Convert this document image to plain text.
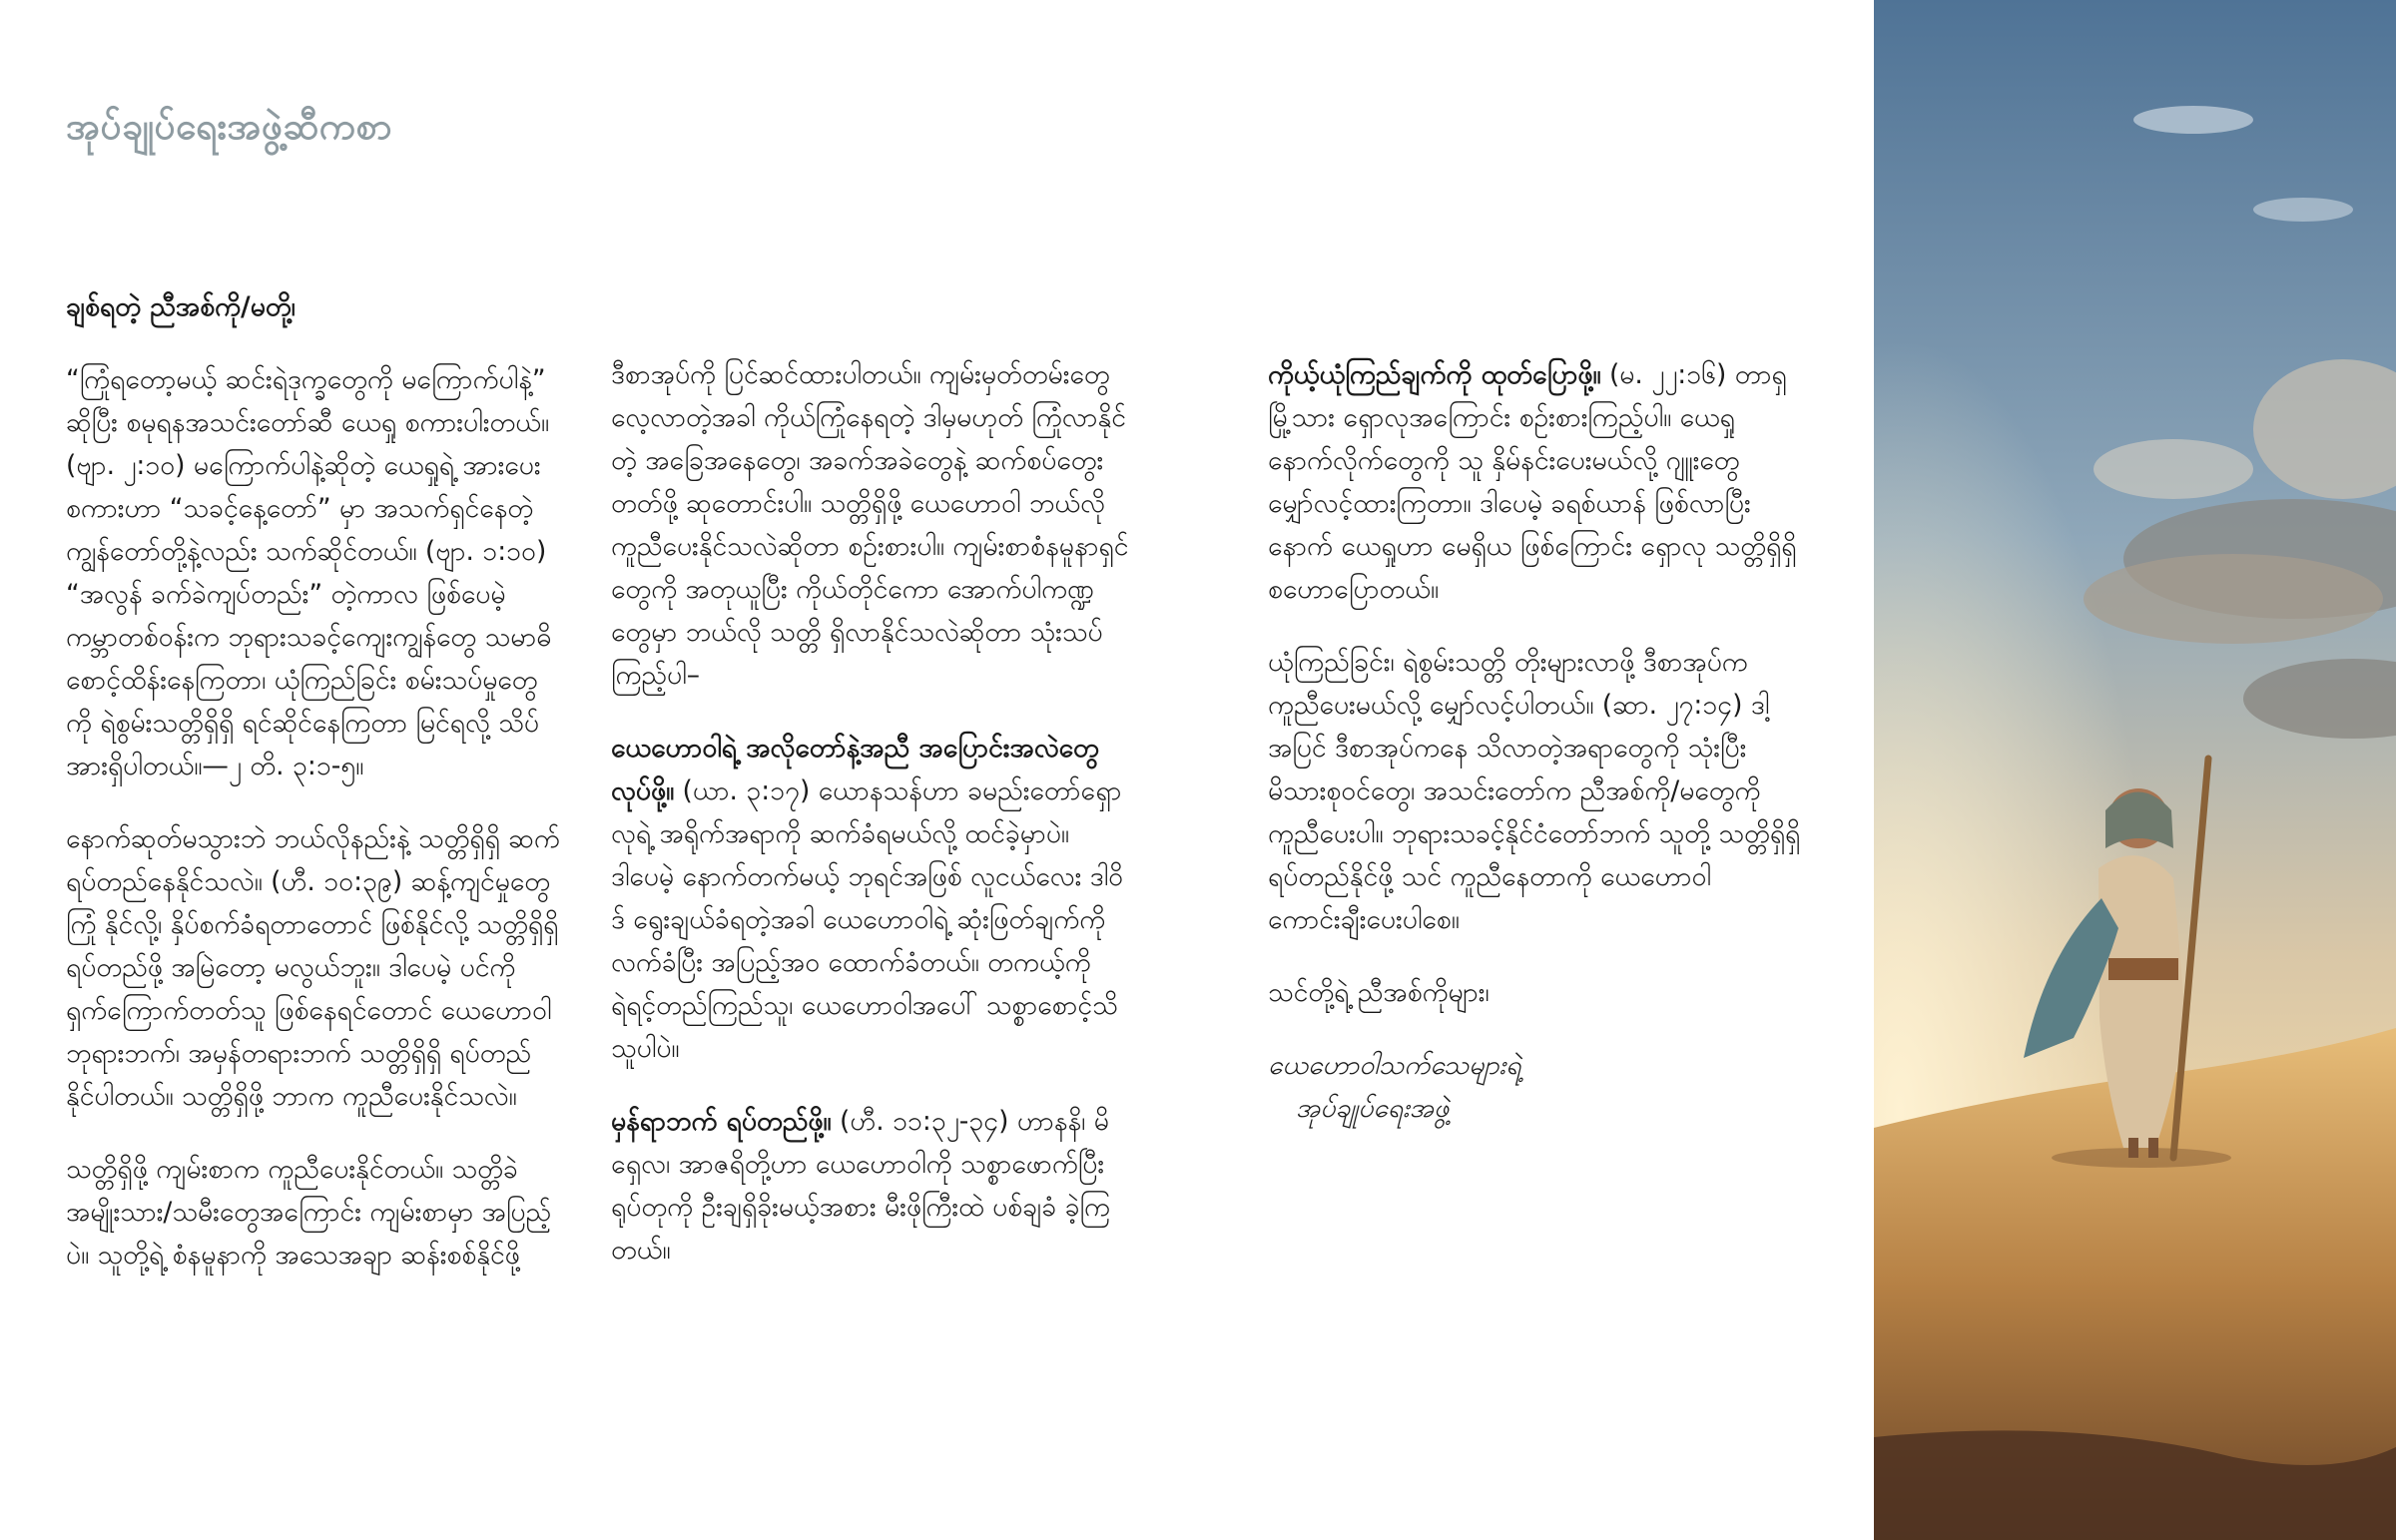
အုပ်ချုပ်ရေးအဖွဲ့ဆီကစာ

ချစ်ရတဲ့ ညီအစ်ကို/မတို့၊

“ကြုံရတော့မယ့် ဆင်းရဲဒုက္ခတွေကို မကြောက်ပါနဲ့” ဆိုပြီး စမုရနအသင်းတော်ဆီ ယေရှု စကားပါးတယ်။ (ဗျာ. ၂:၁၀) မကြောက်ပါနဲ့ဆိုတဲ့ ယေရှုရဲ့ အားပေး စကားဟာ “သခင့်နေ့တော်” မှာ အသက်ရှင်နေတဲ့ ကျွန်တော်တို့နဲ့လည်း သက်ဆိုင်တယ်။ (ဗျာ. ၁:၁၀) “အလွန် ခက်ခဲကျပ်တည်း” တဲ့ကာလ ဖြစ်ပေမဲ့ ကမ္ဘာတစ်ဝန်းက ဘုရားသခင့်ကျေးကျွန်တွေ သမာဓိ စောင့်ထိန်းနေကြတာ၊ ယုံကြည်ခြင်း စမ်းသပ်မှုတွေ ကို ရဲစွမ်းသတ္တိရှိရှိ ရင်ဆိုင်နေကြတာ မြင်ရလို့ သိပ် အားရှိပါတယ်။—၂ တိ. ၃:၁-၅။

နောက်ဆုတ်မသွားဘဲ ဘယ်လိုနည်းနဲ့ သတ္တိရှိရှိ ဆက် ရပ်တည်နေနိုင်သလဲ။ (ဟီ. ၁၀:၃၉) ဆန့်ကျင်မှုတွေ ကြုံ နိုင်လို့၊ နှိပ်စက်ခံရတာတောင် ဖြစ်နိုင်လို့ သတ္တိရှိရှိ ရပ်တည်ဖို့ အမြဲတော့ မလွယ်ဘူး။ ဒါပေမဲ့ ပင်ကို ရှက်ကြောက်တတ်သူ ဖြစ်နေရင်တောင် ယေဟောဝါ ဘုရားဘက်၊ အမှန်တရားဘက် သတ္တိရှိရှိ ရပ်တည် နိုင်ပါတယ်။ သတ္တိရှိဖို့ ဘာက ကူညီပေးနိုင်သလဲ။

သတ္တိရှိဖို့ ကျမ်းစာက ကူညီပေးနိုင်တယ်။ သတ္တိခဲ အမျိုးသား/သမီးတွေအကြောင်း ကျမ်းစာမှာ အပြည့် ပဲ။ သူတို့ရဲ့ စံနမူနာကို အသေအချာ ဆန်းစစ်နိုင်ဖို့

ဒီစာအုပ်ကို ပြင်ဆင်ထားပါတယ်။ ကျမ်းမှတ်တမ်းတွေ လေ့လာတဲ့အခါ ကိုယ်ကြုံနေရတဲ့ ဒါမှမဟုတ် ကြုံလာနိုင်တဲ့ အခြေအနေတွေ၊ အခက်အခဲတွေနဲ့ ဆက်စပ်တွေးတတ်ဖို့ ဆုတောင်းပါ။ သတ္တိရှိဖို့ ယေဟောဝါ ဘယ်လို ကူညီပေးနိုင်သလဲဆိုတာ စဉ်းစားပါ။ ကျမ်းစာစံနမူနာရှင်တွေကို အတုယူပြီး ကိုယ်တိုင်ကော အောက်ပါကဏ္ဍတွေမှာ ဘယ်လို သတ္တိ ရှိလာနိုင်သလဲဆိုတာ သုံးသပ်ကြည့်ပါ–

ယေဟောဝါရဲ့ အလိုတော်နဲ့အညီ အပြောင်းအလဲတွေ လုပ်ဖို့။ (ယာ. ၃:၁၇) ယောနသန်ဟာ ခမည်းတော်ရှောလုရဲ့ အရိုက်အရာကို ဆက်ခံရမယ်လို့ ထင်ခဲ့မှာပဲ။ ဒါပေမဲ့ နောက်တက်မယ့် ဘုရင်အဖြစ် လူငယ်လေး ဒါဝိဒ် ရွေးချယ်ခံရတဲ့အခါ ယေဟောဝါရဲ့ ဆုံးဖြတ်ချက်ကို လက်ခံပြီး အပြည့်အဝ ထောက်ခံတယ်။ တကယ့်ကို ရဲရင့်တည်ကြည်သူ၊ ယေဟောဝါအပေါ် သစ္စာစောင့်သိသူပါပဲ။

မှန်ရာဘက် ရပ်တည်ဖို့။ (ဟီ. ၁၁:၃၂-၃၄) ဟာနနိ၊ မိရှေလ၊ အာဇရိတို့ဟာ ယေဟောဝါကို သစ္စာဖောက်ပြီး ရုပ်တုကို ဦးချရှိခိုးမယ့်အစား မီးဖိုကြီးထဲ ပစ်ချခံ ခဲ့ကြတယ်။

ကိုယ့်ယုံကြည်ချက်ကို ထုတ်ပြောဖို့။ (မ. ၂၂:၁၆) တာရှမြို့သား ရှောလုအကြောင်း စဉ်းစားကြည့်ပါ။ ယေရှုနောက်လိုက်တွေကို သူ နှိမ်နင်းပေးမယ်လို့ ဂျူးတွေ မျှော်လင့်ထားကြတာ။ ဒါပေမဲ့ ခရစ်ယာန် ဖြစ်လာပြီးနောက် ယေရှုဟာ မေရှိယ ဖြစ်ကြောင်း ရှောလု သတ္တိရှိရှိ စဟောပြောတယ်။

ယုံကြည်ခြင်း၊ ရဲစွမ်းသတ္တိ တိုးများလာဖို့ ဒီစာအုပ်က ကူညီပေးမယ်လို့ မျှော်လင့်ပါတယ်။ (ဆာ. ၂၇:၁၄) ဒါ့အပြင် ဒီစာအုပ်ကနေ သိလာတဲ့အရာတွေကို သုံးပြီး မိသားစုဝင်တွေ၊ အသင်းတော်က ညီအစ်ကို/မတွေကို ကူညီပေးပါ။ ဘုရားသခင့်နိုင်ငံတော်ဘက် သူတို့ သတ္တိရှိရှိ ရပ်တည်နိုင်ဖို့ သင် ကူညီနေတာကို ယေဟောဝါ ကောင်းချီးပေးပါစေ။

သင်တို့ရဲ့ ညီအစ်ကိုများ၊

ယေဟောဝါသက်သေများရဲ့
အုပ်ချုပ်ရေးအဖွဲ့
